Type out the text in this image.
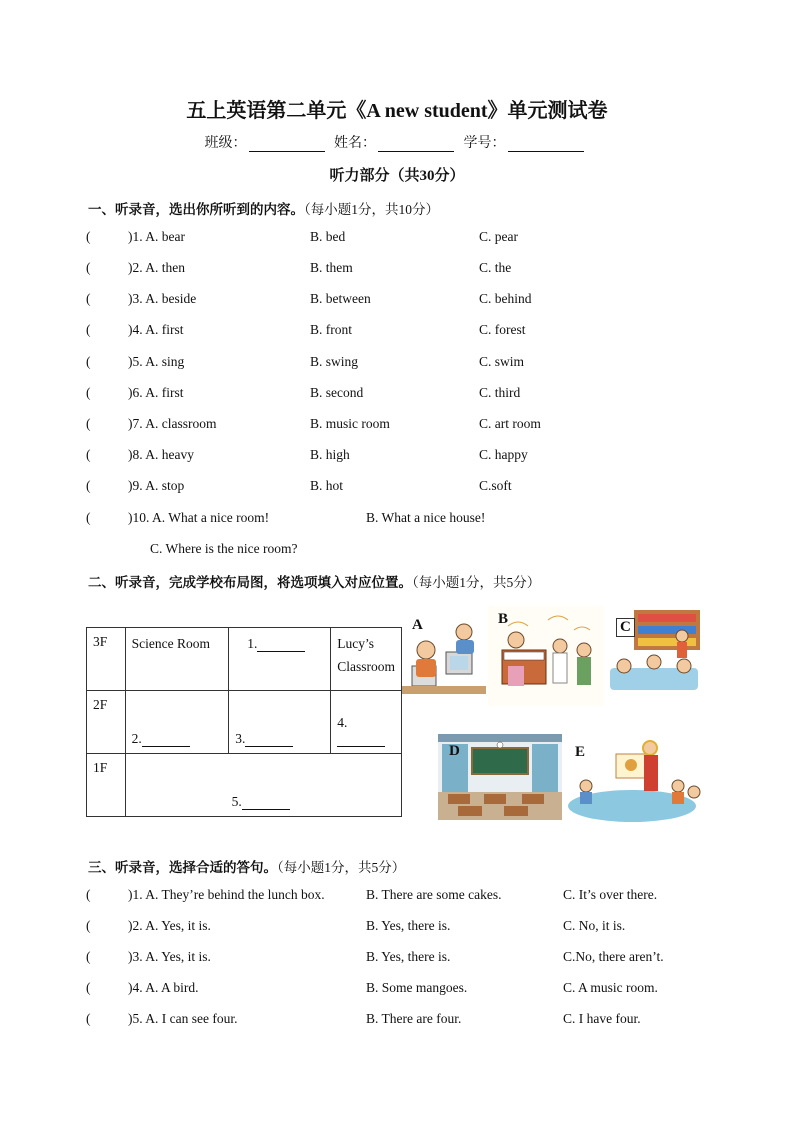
五上英语第二单元《A new student》单元测试卷
班级：	姓名：	学号：
听力部分（共30分）
一、听录音，选出你所听到的内容。（每小题1分，共10分）
(	)1. A. bear	B. bed	C. pear
(	)2. A. then	B. them	C. the
(	)3. A. beside	B. between	C. behind
(	)4. A. first	B. front	C. forest
(	)5. A. sing	B. swing	C. swim
(	)6. A. first	B. second	C. third
(	)7. A. classroom	B. music room	C. art room
(	)8. A. heavy	B. high	C. happy
(	)9. A. stop	B. hot	C.soft
(	)10. A. What a nice room!	B. What a nice house!
C. Where is the nice room?
二、听录音，完成学校布局图，将选项填入对应位置。（每小题1分，共5分）
3F	Science Room	1.	Lucy’s
Classroom

2F	2.	3.	4.
1F	5.		
A	B	C
D	E
三、听录音，选择合适的答句。（每小题1分，共5分）
(	)1. A. They’re behind the lunch box.	B. There are some cakes.	C. It’s over there.
(	)2. A. Yes, it is.	B. Yes, there is.	C. No, it is.
(	)3. A. Yes, it is.	B. Yes, there is.	C.No, there aren’t.
(	)4. A. A bird.	B. Some mangoes.	C. A music room.
(	)5. A. I can see four.	B. There are four.	C. I have four.
